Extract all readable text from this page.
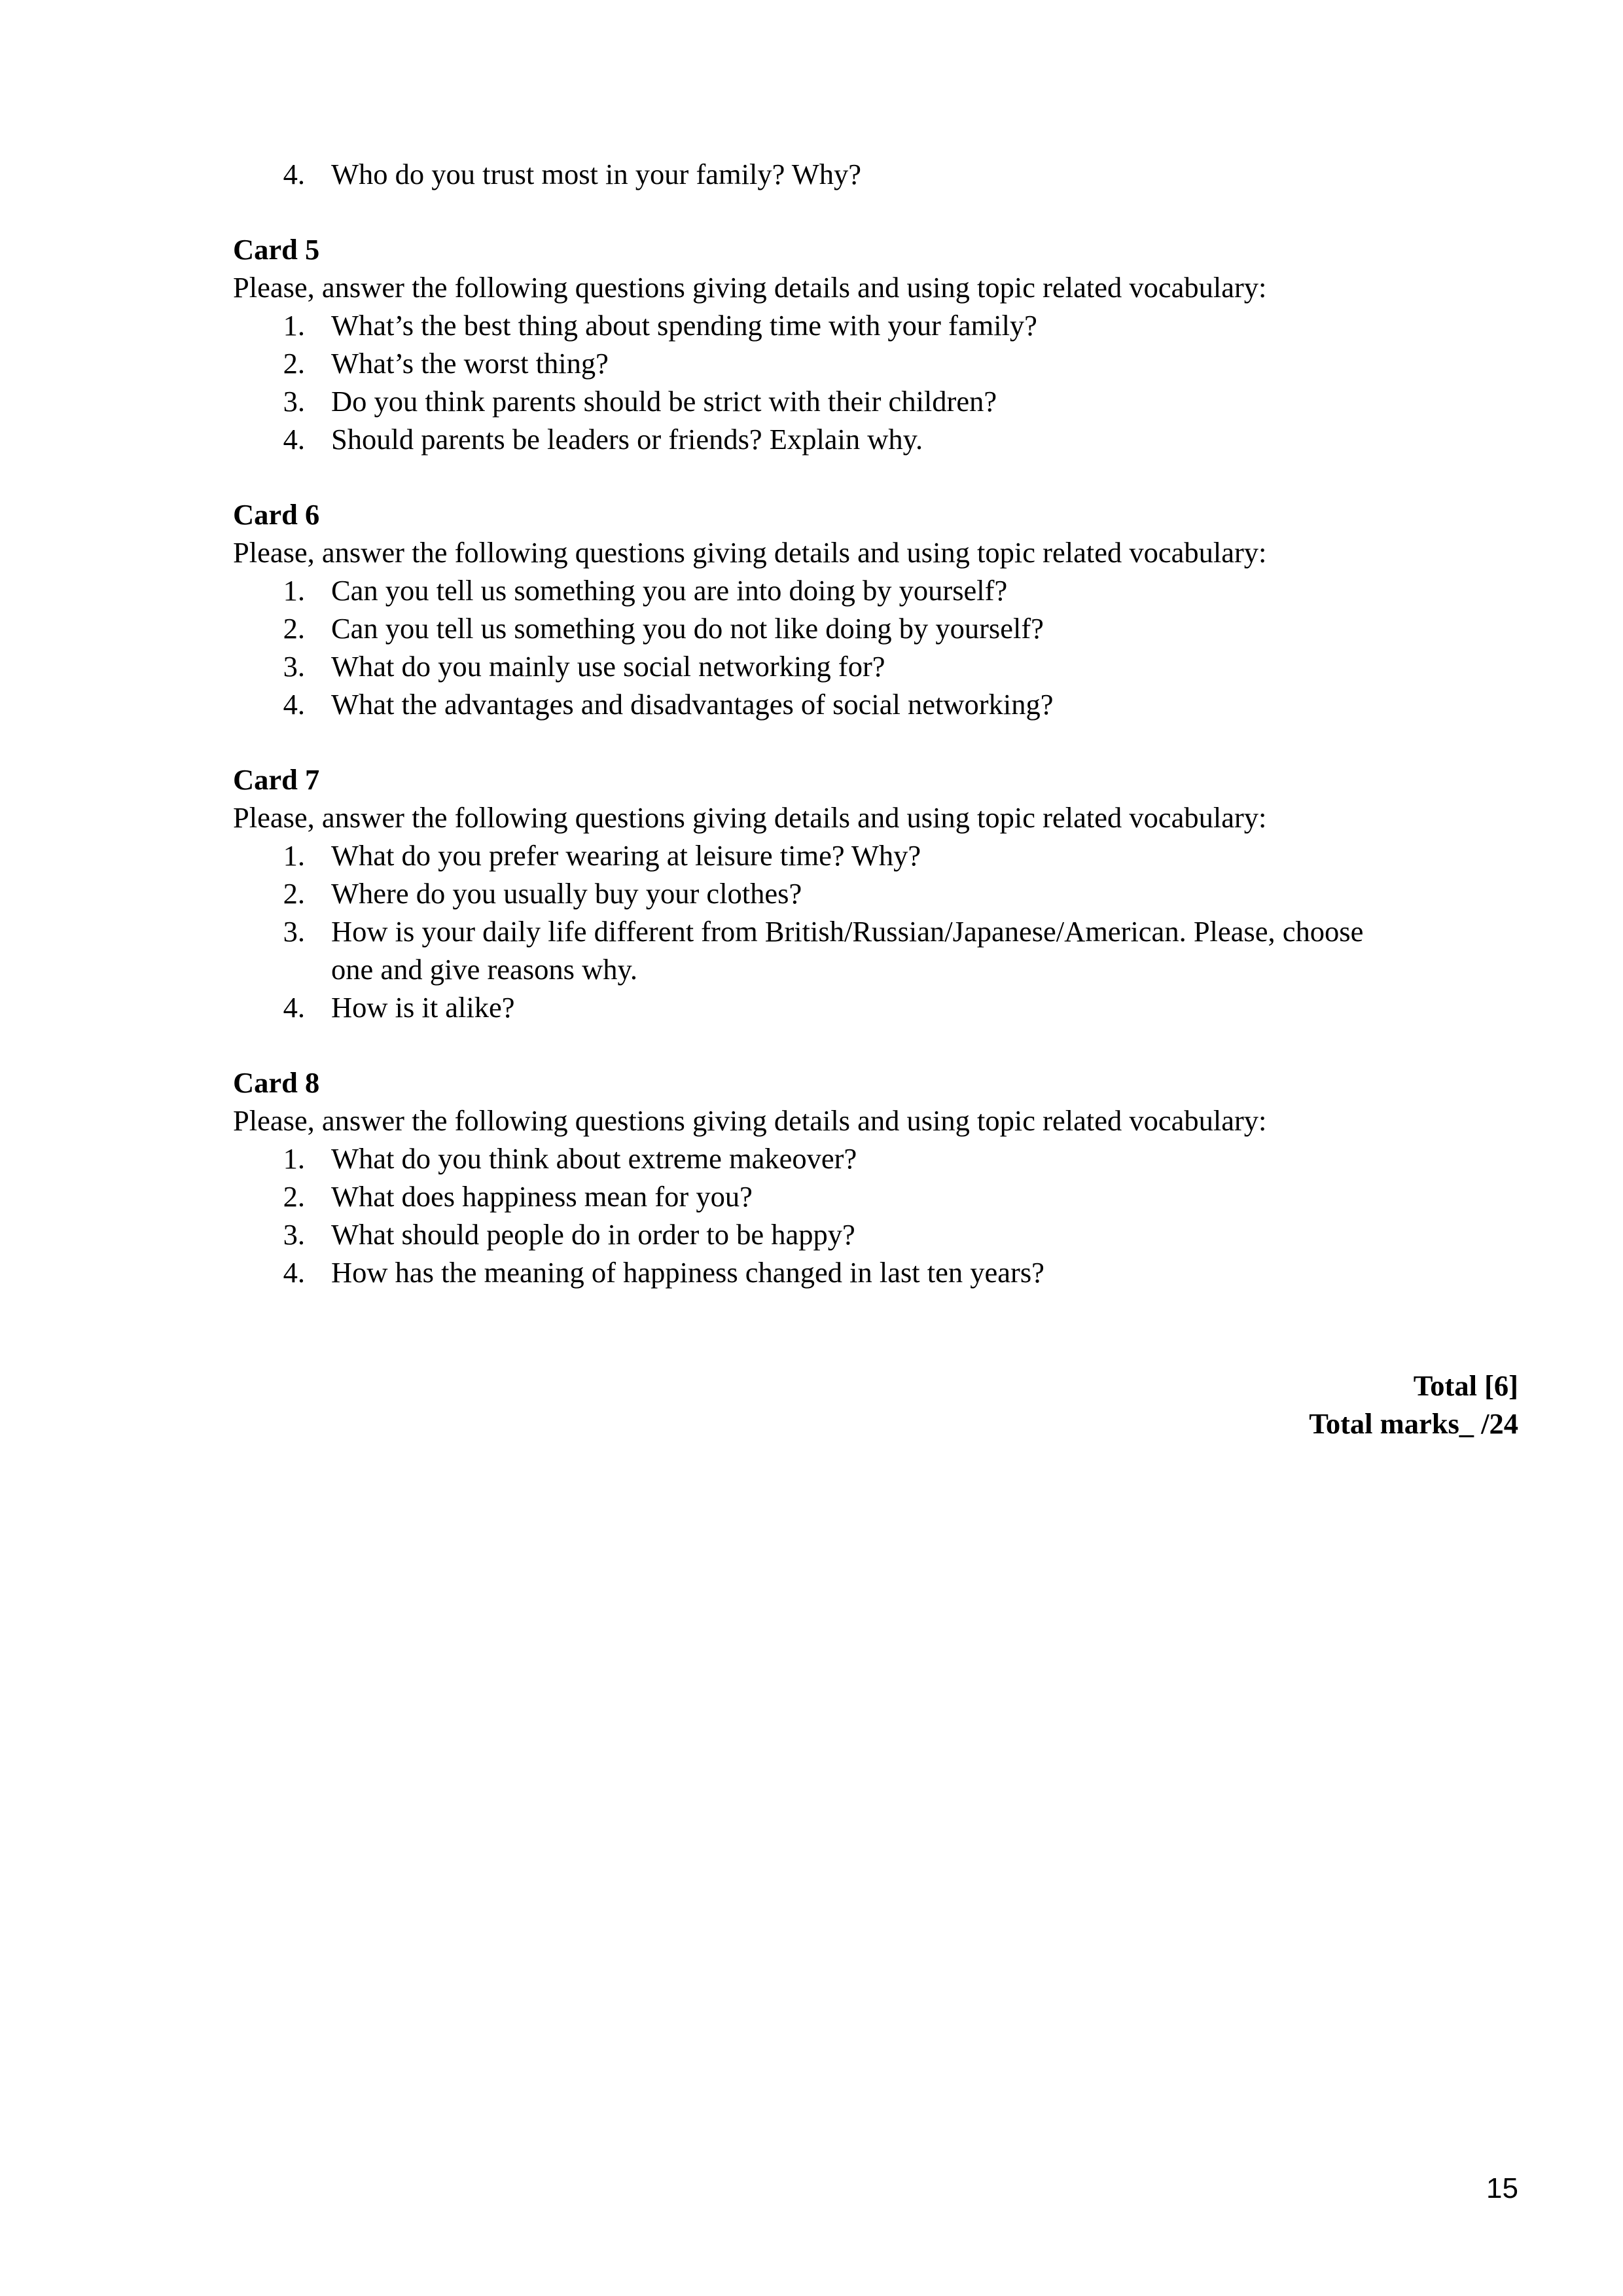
4. Who do you trust most in your family? Why?
Card 5
Please, answer the following questions giving details and using topic related vocabulary:
1. What’s the best thing about spending time with your family?
2. What’s the worst thing?
3. Do you think parents should be strict with their children?
4. Should parents be leaders or friends? Explain why.
Card 6
Please, answer the following questions giving details and using topic related vocabulary:
1. Can you tell us something you are into doing by yourself?
2. Can you tell us something you do not like doing by yourself?
3. What do you mainly use social networking for?
4. What the advantages and disadvantages of social networking?
Card 7
Please, answer the following questions giving details and using topic related vocabulary:
1. What do you prefer wearing at leisure time? Why?
2. Where do you usually buy your clothes?
3. How is your daily life different from British/Russian/Japanese/American. Please, choose
one and give reasons why.
4. How is it alike?
Card 8
Please, answer the following questions giving details and using topic related vocabulary:
1. What do you think about extreme makeover?
2. What does happiness mean for you?
3. What should people do in order to be happy?
4. How has the meaning of happiness changed in last ten years?
Total [6]
Total marks_ /24
15
